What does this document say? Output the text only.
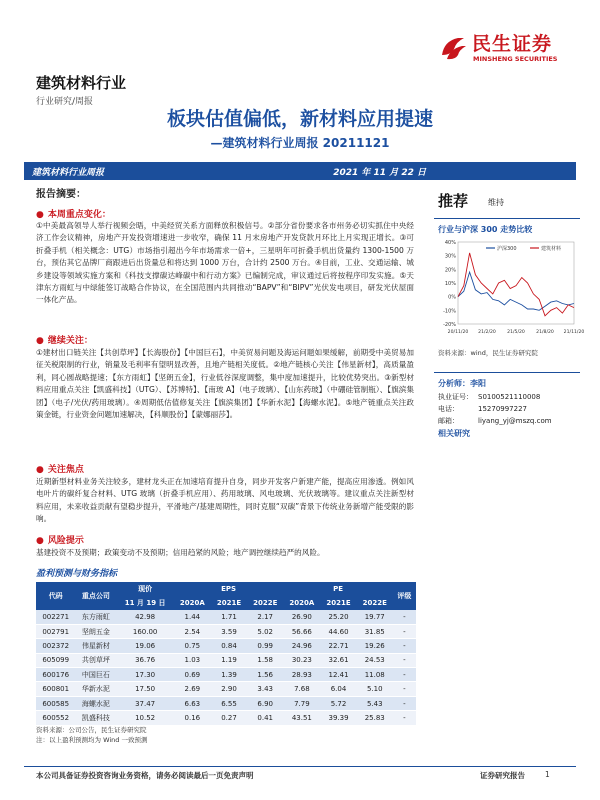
民生证券
MINSHENG SECURITIES
建筑材料行业
行业研究/周报
板块估值偏低，新材料应用提速
—建筑材料行业周报 20211121
建筑材料行业周报	2021 年 11 月 22 日
报告摘要：
● 本周重点变化：
①中美最高领导人举行视频会晤，中美经贸关系方面释放积极信号。②部分省份要求各市州务必切实抓住中央经济工作会议精神，房地产开发投资增速进一步收窄，确保 11 月末房地产开发贷款月环比上月实现正增长。③可折叠手机（相关概念：UTG）市场指引超出今年市场需求一倍+，三星明年可折叠手机出货量约 1300-1500 万台，预估其它品牌厂商跟进后出货量总和将达到 1000 万台，合计约 2500 万台。④目前，工业、交通运输、城乡建设等领域实施方案和《科技支撑碳达峰碳中和行动方案》已编制完成，审议通过后将按程序印发实施。⑤天津东方雨虹与中绿能签订战略合作协议，在全国范围内共同推动“BAPV”和“BIPV”光伏发电项目，研发光伏屋面一体化产品。
● 继续关注：
①建材出口链关注【共创草坪】【长海股份】【中国巨石】，中美贸易问题及海运问题如果缓解，前期受中美贸易加征关税限制的行业，销量及毛利率有望明显改善，且地产链相关度低。②地产链核心关注【伟星新材】，高质量盈利，同心圆战略提速；【东方雨虹】【坚朗五金】，行业低谷深度调整，集中度加速提升，比较优势突出。③新型材料应用重点关注【凯盛科技】（UTG）、【苏博特】、【南玻 A】（电子玻璃）、【山东药玻】（中硼硅管制瓶）、【旗滨集团】（电子/光伏/药用玻璃）。④周期低估值修复关注【旗滨集团】【华新水泥】【海螺水泥】。⑤地产链重点关注政策金链，行业资金问题加速解决，【科顺股份】【蒙娜丽莎】。
● 关注焦点
近期新型材料业务关注较多，建材龙头正在加速培育提升自身，同步开发客户新建产能，提高应用渗透。例如风电叶片的碳纤复合材料、UTG 玻璃（折叠手机应用）、药用玻璃、风电玻璃、光伏玻璃等。建议重点关注新型材料应用，未来收益贡献有望稳步提升，平滑地产/基建周期性，同时克服“双碳”背景下传统业务新增产能受限的影响。
● 风险提示
基建投资不及预期；政策变动不及预期；信用趋紧的风险；地产调控继续趋严的风险。
盈利预测与财务指标
代码	重点公司	现价	EPS			PE			评级
		11 月 19 日	2020A	2021E	2022E	2020A	2021E	2022E	
002271	东方雨虹	42.98	1.44	1.71	2.17	26.90	25.20	19.77	-
002791	坚朗五金	160.00	2.54	3.59	5.02	56.66	44.60	31.85	-
002372	伟星新材	19.06	0.75	0.84	0.99	24.96	22.71	19.26	-
605099	共创草坪	36.76	1.03	1.19	1.58	30.23	32.61	24.53	-
600176	中国巨石	17.30	0.69	1.39	1.56	28.93	12.41	11.08	-
600801	华新水泥	17.50	2.69	2.90	3.43	7.68	6.04	5.10	-
600585	海螺水泥	37.47	6.63	6.55	6.90	7.79	5.72	5.43	-
600552	凯盛科技	10.52	0.16	0.27	0.41	43.51	39.39	25.83	-
资料来源：公司公告，民生证券研究院
注：以上盈利预测均为 Wind 一致预测
推荐 维持
行业与沪深 300 走势比较
40%
30%
20%
10%
0%
-10%
-20%
20/11/20 21/2/20 21/5/20 21/8/20 21/11/20
沪深300	建筑材料
资料来源：wind，民生证券研究院
分析师：李阳
执业证号： S0100521110008
电话：	15270997227
邮箱：	liyang_yj@mszq.com
相关研究
本公司具备证券投资咨询业务资格，请务必阅读最后一页免责声明	证券研究报告	1
